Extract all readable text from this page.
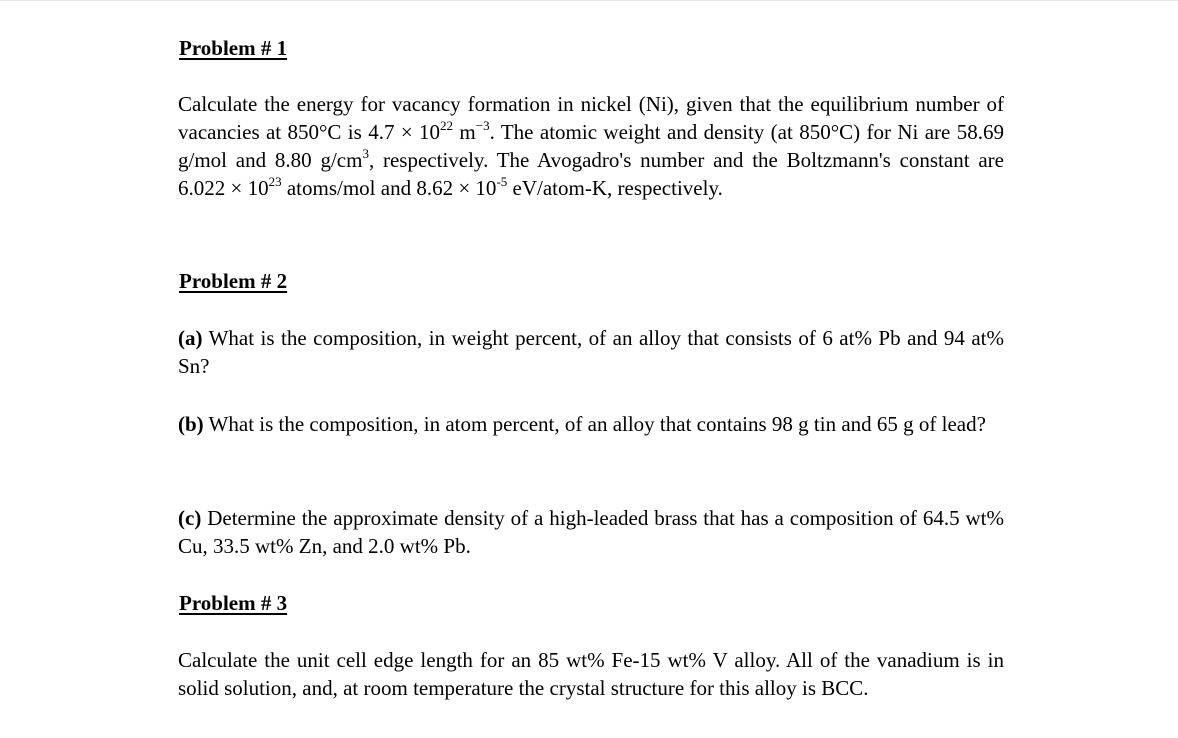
Problem # 1

Calculate the energy for vacancy formation in nickel (Ni), given that the equilibrium number of vacancies at 850°C is $4.7 \times 10^{22}$ $m^{-3}$. The atomic weight and density (at 850°C) for Ni are 58.69 g/mol and 8.80 $g/cm^3$, respectively. The Avogadro's number and the Boltzmann's constant are $6.022 \times 10^{23}$ atoms/mol and $8.62 \times 10^{-5}$ eV/atom-K, respectively.

Problem # 2

(a) What is the composition, in weight percent, of an alloy that consists of 6 at% Pb and 94 at% Sn?

(b) What is the composition, in atom percent, of an alloy that contains 98 g tin and 65 g of lead?

(c) Determine the approximate density of a high-leaded brass that has a composition of 64.5 wt% Cu, 33.5 wt% Zn, and 2.0 wt% Pb.

Problem # 3

Calculate the unit cell edge length for an 85 wt% Fe-15 wt% V alloy. All of the vanadium is in solid solution, and, at room temperature the crystal structure for this alloy is BCC.
